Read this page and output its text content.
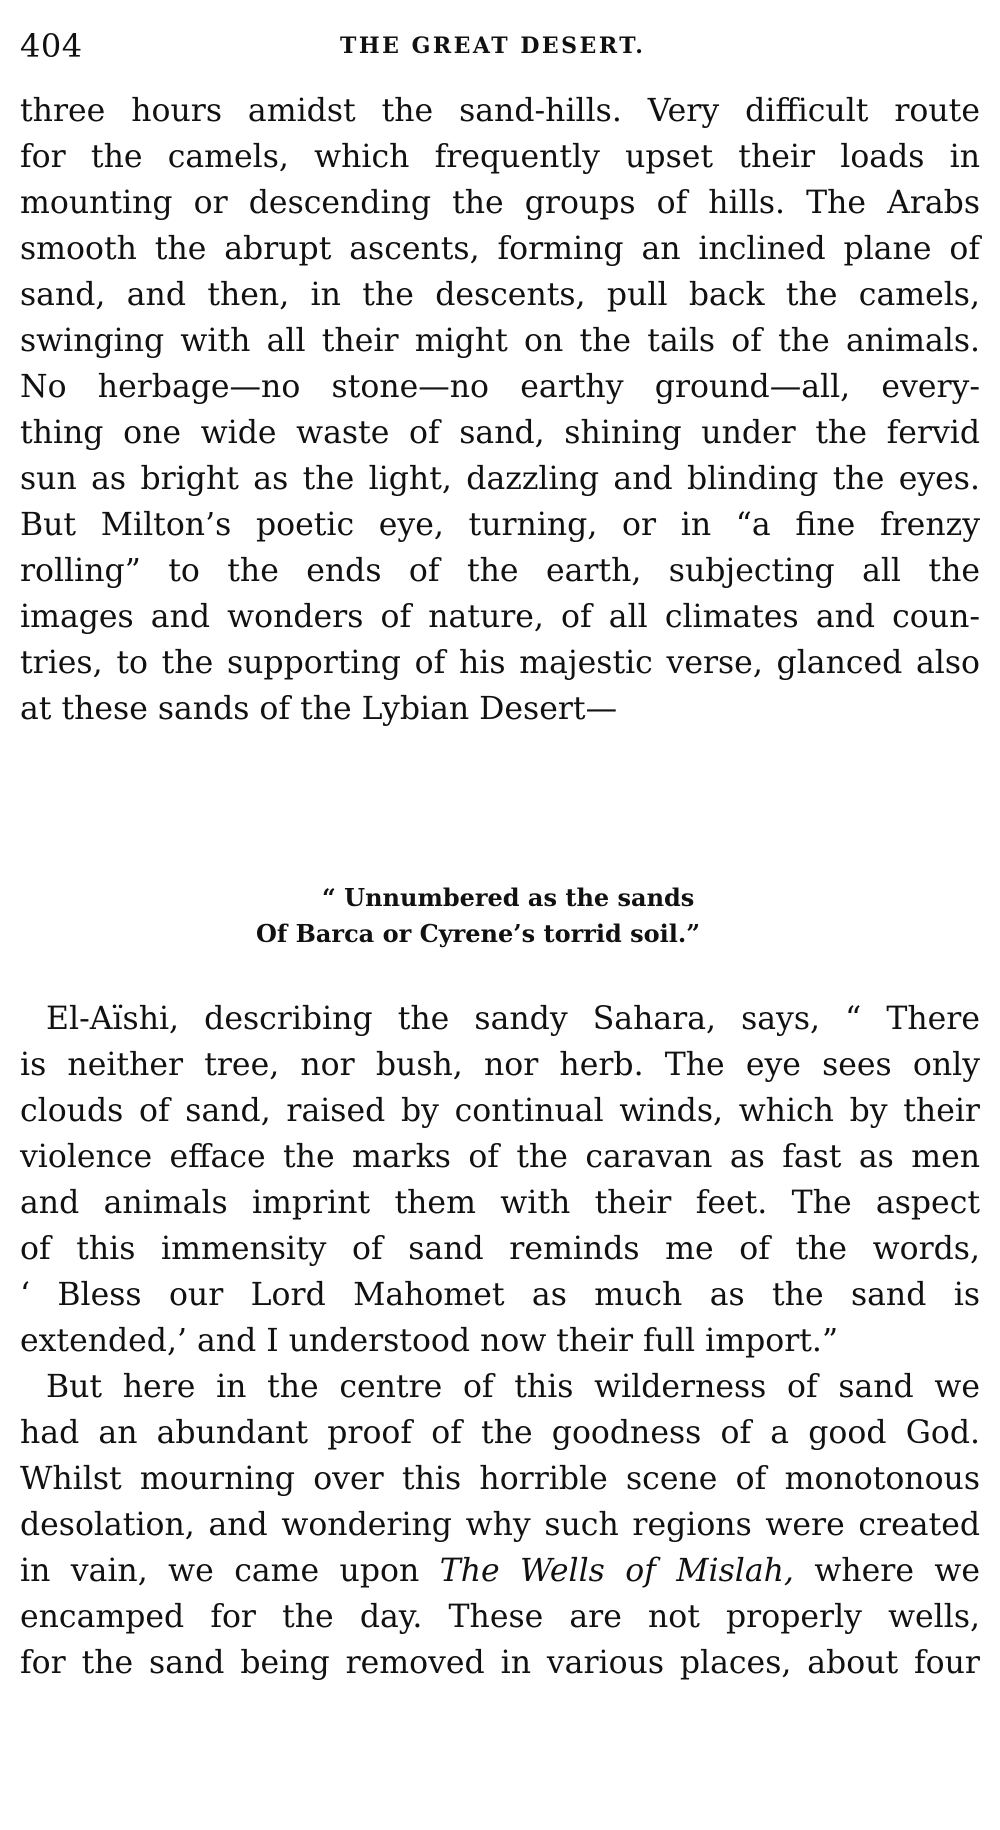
404	THE GREAT DESERT.
three hours amidst the sand-hills. Very difficult route
for the camels, which frequently upset their loads in
mounting or descending the groups of hills. The Arabs
smooth the abrupt ascents, forming an inclined plane of
sand, and then, in the descents, pull back the camels,
swinging with all their might on the tails of the animals.
No herbage—no stone—no earthy ground—all, every-
thing one wide waste of sand, shining under the fervid
sun as bright as the light, dazzling and blinding the eyes.
But Milton’s poetic eye, turning, or in “a fine frenzy
rolling” to the ends of the earth, subjecting all the
images and wonders of nature, of all climates and coun-
tries, to the supporting of his majestic verse, glanced also
at these sands of the Lybian Desert—
“ Unnumbered as the sands
Of Barca or Cyrene’s torrid soil.”
El-Aïshi, describing the sandy Sahara, says, “ There
is neither tree, nor bush, nor herb. The eye sees only
clouds of sand, raised by continual winds, which by their
violence efface the marks of the caravan as fast as men
and animals imprint them with their feet. The aspect
of this immensity of sand reminds me of the words,
‘ Bless our Lord Mahomet as much as the sand is
extended,’ and I understood now their full import.”
But here in the centre of this wilderness of sand we
had an abundant proof of the goodness of a good God.
Whilst mourning over this horrible scene of monotonous
desolation, and wondering why such regions were created
in vain, we came upon The Wells of Mislah, where we
encamped for the day. These are not properly wells,
for the sand being removed in various places, about four
